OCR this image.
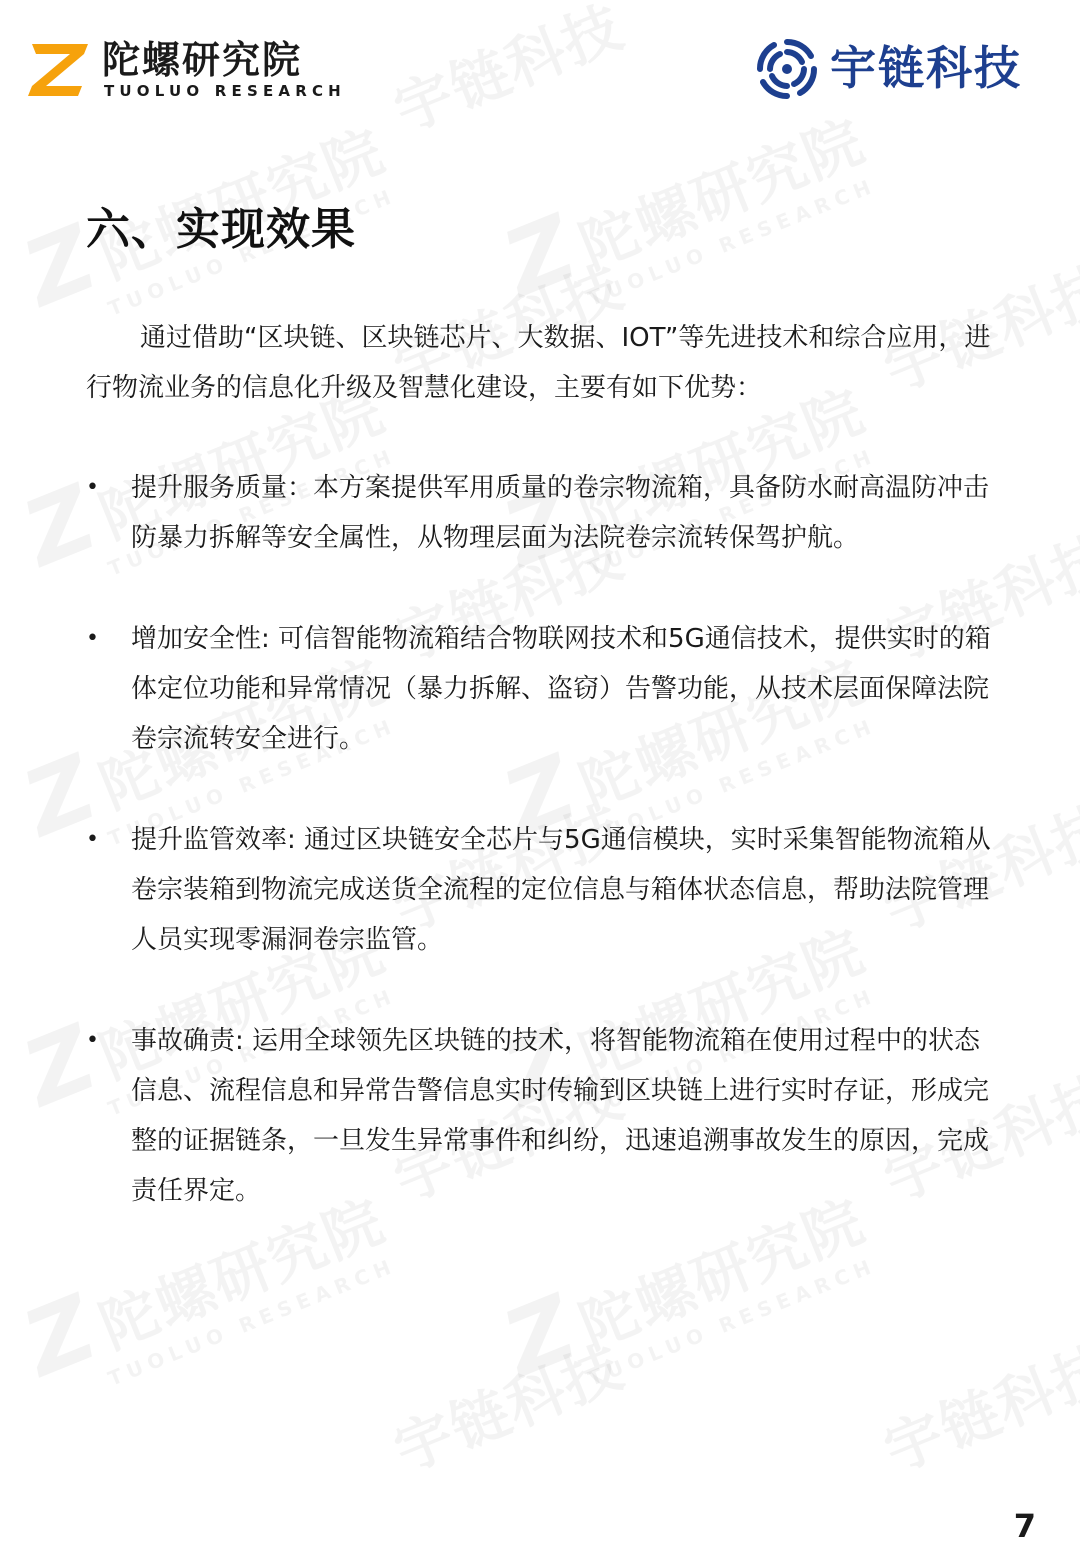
陀螺研究院
TUOLUO RESEARCH	宇链科技
六、实现效果

通过借助“区块链、区块链芯片、大数据、IOT”等先进技术和综合应用，进行物流业务的信息化升级及智慧化建设，主要有如下优势：

• 提升服务质量：本方案提供军用质量的卷宗物流箱，具备防水耐高温防冲击防暴力拆解等安全属性，从物理层面为法院卷宗流转保驾护航。
• 增加安全性: 可信智能物流箱结合物联网技术和5G通信技术，提供实时的箱体定位功能和异常情况（暴力拆解、盗窃）告警功能，从技术层面保障法院卷宗流转安全进行。
• 提升监管效率: 通过区块链安全芯片与5G通信模块，实时采集智能物流箱从卷宗装箱到物流完成送货全流程的定位信息与箱体状态信息，帮助法院管理人员实现零漏洞卷宗监管。
• 事故确责: 运用全球领先区块链的技术，将智能物流箱在使用过程中的状态信息、流程信息和异常告警信息实时传输到区块链上进行实时存证，形成完整的证据链条，一旦发生异常事件和纠纷，迅速追溯事故发生的原因，完成责任界定。
7
